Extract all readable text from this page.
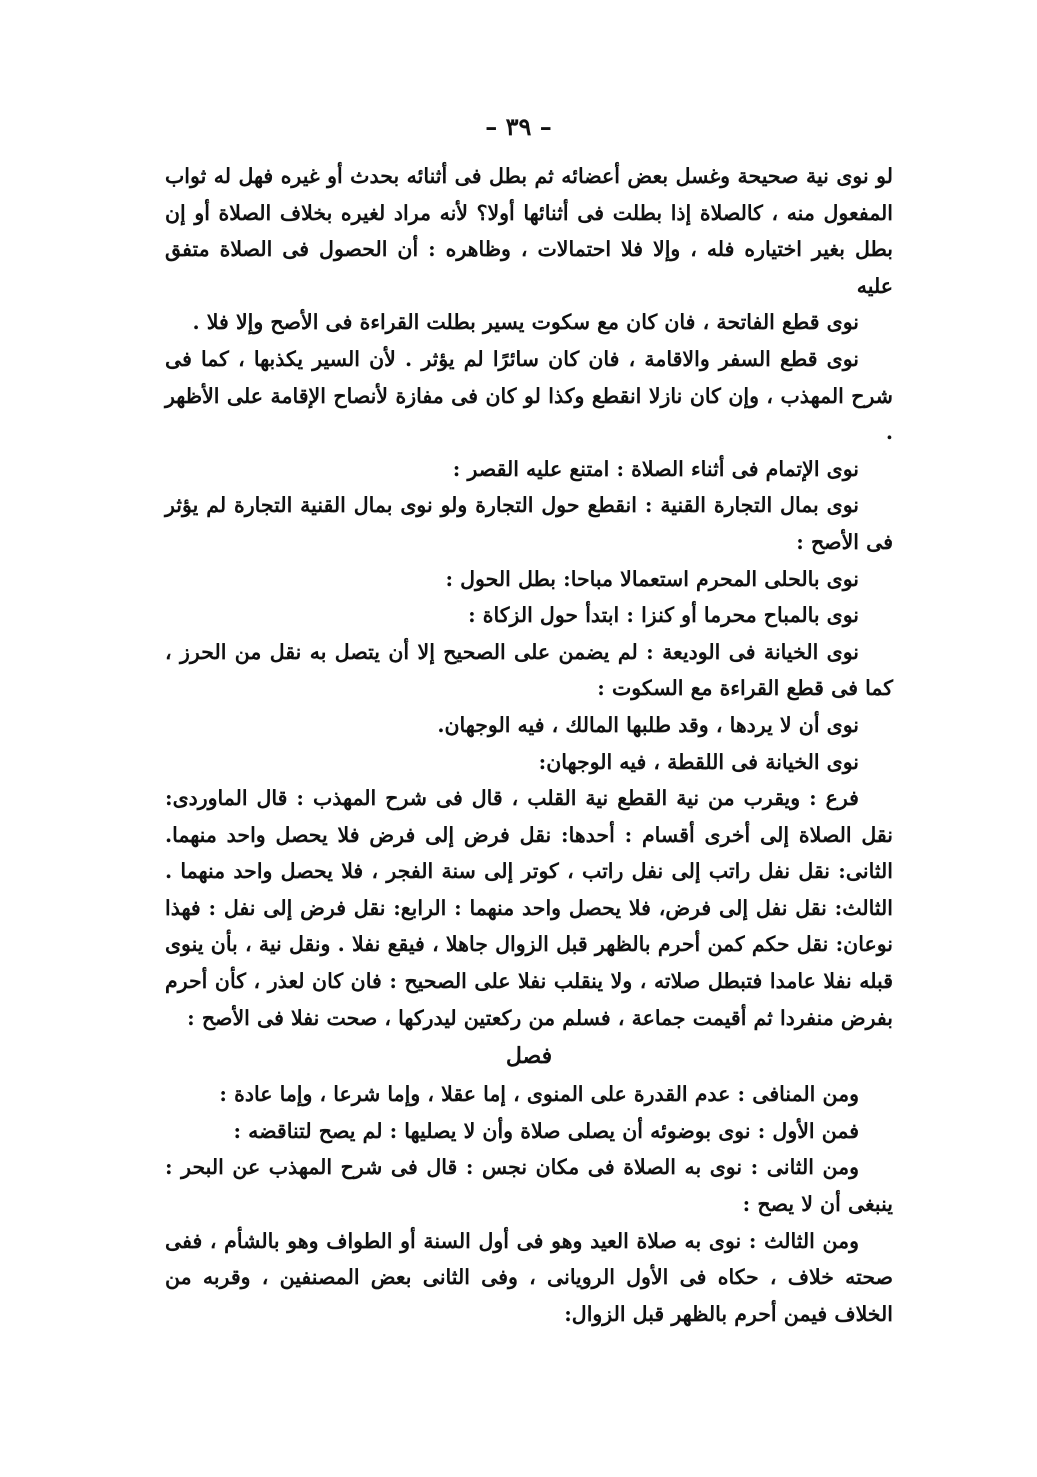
– ٣٩ –

لو نوى نية صحيحة وغسل بعض أعضائه ثم بطل فى أثنائه بحدث أو غيره فهل له ثواب المفعول منه ، كالصلاة إذا بطلت فى أثنائها أولا؟ لأنه مراد لغيره بخلاف الصلاة أو إن بطل بغير اختياره فله ، وإلا فلا احتمالات ، وظاهره : أن الحصول فى الصلاة متفق عليه

نوى قطع الفاتحة ، فان كان مع سكوت يسير بطلت القراءة فى الأصح وإلا فلا .

نوى قطع السفر والاقامة ، فان كان سائرًا لم يؤثر . لأن السير يكذبها ، كما فى شرح المهذب ، وإن كان نازلا انقطع وكذا لو كان فى مفازة لأنصاح الإقامة على الأظهر .

نوى الإتمام فى أثناء الصلاة : امتنع عليه القصر :

نوى بمال التجارة القنية : انقطع حول التجارة ولو نوى بمال القنية التجارة لم يؤثر فى الأصح :

نوى بالحلى المحرم استعمالا مباحا: بطل الحول :

نوى بالمباح محرما أو كنزا : ابتدأ حول الزكاة :

نوى الخيانة فى الوديعة : لم يضمن على الصحيح إلا أن يتصل به نقل من الحرز ، كما فى قطع القراءة مع السكوت :

نوى أن لا يردها ، وقد طلبها المالك ، فيه الوجهان.

نوى الخيانة فى اللقطة ، فيه الوجهان:

فرع : ويقرب من نية القطع نية القلب ، قال فى شرح المهذب : قال الماوردى: نقل الصلاة إلى أخرى أقسام : أحدها: نقل فرض إلى فرض فلا يحصل واحد منهما. الثانى: نقل نفل راتب إلى نفل راتب ، كوتر إلى سنة الفجر ، فلا يحصل واحد منهما . الثالث: نقل نفل إلى فرض، فلا يحصل واحد منهما : الرابع: نقل فرض إلى نفل : فهذا نوعان: نقل حكم كمن أحرم بالظهر قبل الزوال جاهلا ، فيقع نفلا . ونقل نية ، بأن ينوى قبله نفلا عامدا فتبطل صلاته ، ولا ينقلب نفلا على الصحيح : فان كان لعذر ، كأن أحرم بفرض منفردا ثم أقيمت جماعة ، فسلم من ركعتين ليدركها ، صحت نفلا فى الأصح :

فصل

ومن المنافى : عدم القدرة على المنوى ، إما عقلا ، وإما شرعا ، وإما عادة :

فمن الأول : نوى بوضوئه أن يصلى صلاة وأن لا يصليها : لم يصح لتناقضه :

ومن الثانى : نوى به الصلاة فى مكان نجس : قال فى شرح المهذب عن البحر : ينبغى أن لا يصح :

ومن الثالث : نوى به صلاة العيد وهو فى أول السنة أو الطواف وهو بالشأم ، ففى صحته خلاف ، حكاه فى الأول الرويانى ، وفى الثانى بعض المصنفين ، وقربه من الخلاف فيمن أحرم بالظهر قبل الزوال:
